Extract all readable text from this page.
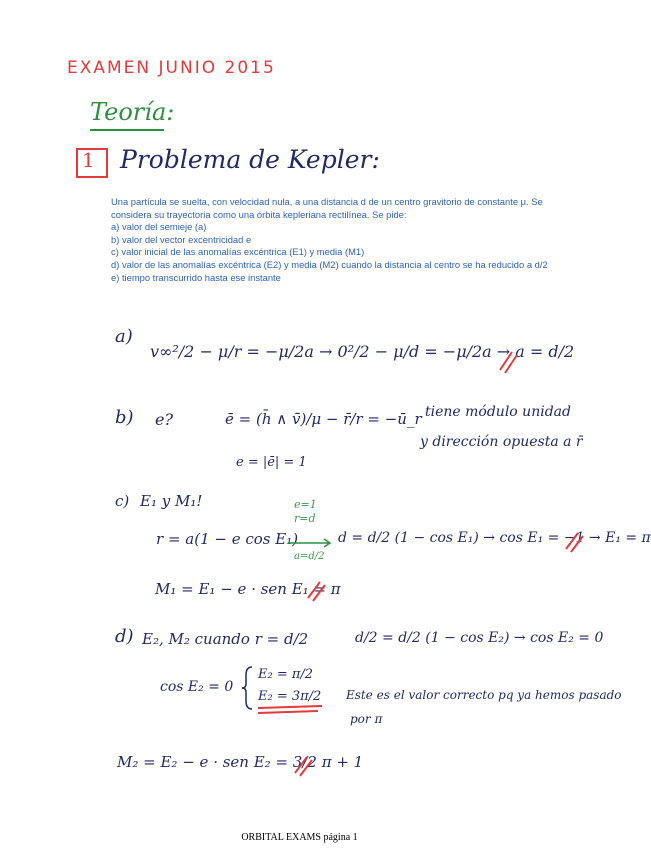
EXAMEN JUNIO 2015
Teoría:
1 Problema de Kepler:
Una partícula se suelta, con velocidad nula, a una distancia d de un centro gravitorio de constante μ. Se considera su trayectoria como una órbita kepleriana rectilínea. Se pide:
a) valor del semieje (a)
b) valor del vector excentricidad e
c) valor inicial de las anomalías excéntrica (E1) y media (M1)
d) valor de las anomalías excéntrica (E2) y media (M2) cuando la distancia al centro se ha reducido a d/2
e) tiempo transcurrido hasta ese instante
a)
v∞²/2 − μ/r = −μ/2a → 0²/2 − μ/d = −μ/2a → a = d/2
b) e?	ē = (h̄ ∧ v̄)/μ − r̄/r = −ū_r tiene módulo unidad
y dirección opuesta a r̄
e = |ē| = 1
c) E₁ y M₁!	e=1
r=d
a=d/2
r = a(1 − e cos E₁)	d = d/2 (1 − cos E₁) → cos E₁ = −1 → E₁ = π
M₁ = E₁ − e · sen E₁ = π
d) E₂, M₂ cuando r = d/2	d/2 = d/2 (1 − cos E₂) → cos E₂ = 0
cos E₂ = 0
E₂ = π/2
E₂ = 3π/2 Este es el valor correcto pq ya hemos pasado
por π
M₂ = E₂ − e · sen E₂ = 3/2 π + 1
ORBITAL EXAMS página 1
